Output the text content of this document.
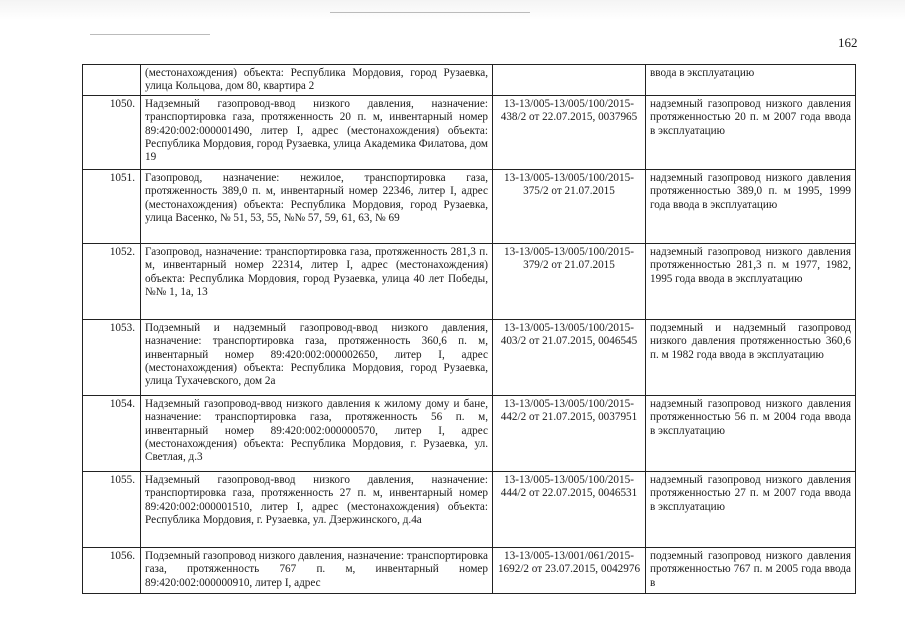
162
	(местонахождения) объекта: Республика Мордовия, город Рузаевка, улица Кольцова, дом 80, квартира 2		ввода в эксплуатацию
1050.	Надземный газопровод-ввод низкого давления, назначение: транспортировка газа, протяженность 20 п. м, инвентарный номер 89:420:002:000001490, литер I, адрес (местонахождения) объекта: Республика Мордовия, город Рузаевка, улица Академика Филатова, дом 19	13-13/005-13/005/100/2015-438/2 от 22.07.2015, 0037965	надземный газопровод низкого давления протяженностью 20 п. м 2007 года ввода в эксплуатацию
1051.	Газопровод, назначение: нежилое, транспортировка газа, протяженность 389,0 п. м, инвентарный номер 22346, литер I, адрес (местонахождения) объекта: Республика Мордовия, город Рузаевка, улица Васенко, № 51, 53, 55, №№ 57, 59, 61, 63, № 69	13-13/005-13/005/100/2015-375/2 от 21.07.2015	надземный газопровод низкого давления протяженностью 389,0 п. м 1995, 1999 года ввода в эксплуатацию
1052.	Газопровод, назначение: транспортировка газа, протяженность 281,3 п. м, инвентарный номер 22314, литер I, адрес (местонахождения) объекта: Республика Мордовия, город Рузаевка, улица 40 лет Победы, №№ 1, 1а, 13	13-13/005-13/005/100/2015-379/2 от 21.07.2015	надземный газопровод низкого давления протяженностью 281,3 п. м 1977, 1982, 1995 года ввода в эксплуатацию
1053.	Подземный и надземный газопровод-ввод низкого давления, назначение: транспортировка газа, протяженность 360,6 п. м, инвентарный номер 89:420:002:000002650, литер I, адрес (местонахождения) объекта: Республика Мордовия, город Рузаевка, улица Тухачевского, дом 2а	13-13/005-13/005/100/2015-403/2 от 21.07.2015, 0046545	подземный и надземный газопровод низкого давления протяженностью 360,6 п. м 1982 года ввода в эксплуатацию
1054.	Надземный газопровод-ввод низкого давления к жилому дому и бане, назначение: транспортировка газа, протяженность 56 п. м, инвентарный номер 89:420:002:000000570, литер I, адрес (местонахождения) объекта: Республика Мордовия, г. Рузаевка, ул. Светлая, д.3	13-13/005-13/005/100/2015-442/2 от 21.07.2015, 0037951	надземный газопровод низкого давления протяженностью 56 п. м 2004 года ввода в эксплуатацию
1055.	Надземный газопровод-ввод низкого давления, назначение: транспортировка газа, протяженность 27 п. м, инвентарный номер 89:420:002:000001510, литер I, адрес (местонахождения) объекта: Республика Мордовия, г. Рузаевка, ул. Дзержинского, д.4а	13-13/005-13/005/100/2015-444/2 от 22.07.2015, 0046531	надземный газопровод низкого давления протяженностью 27 п. м 2007 года ввода в эксплуатацию
1056.	Подземный газопровод низкого давления, назначение: транспортировка газа, протяженность 767 п. м, инвентарный номер 89:420:002:000000910, литер I, адрес	13-13/005-13/001/061/2015-1692/2 от 23.07.2015, 0042976	подземный газопровод низкого давления протяженностью 767 п. м 2005 года ввода в
